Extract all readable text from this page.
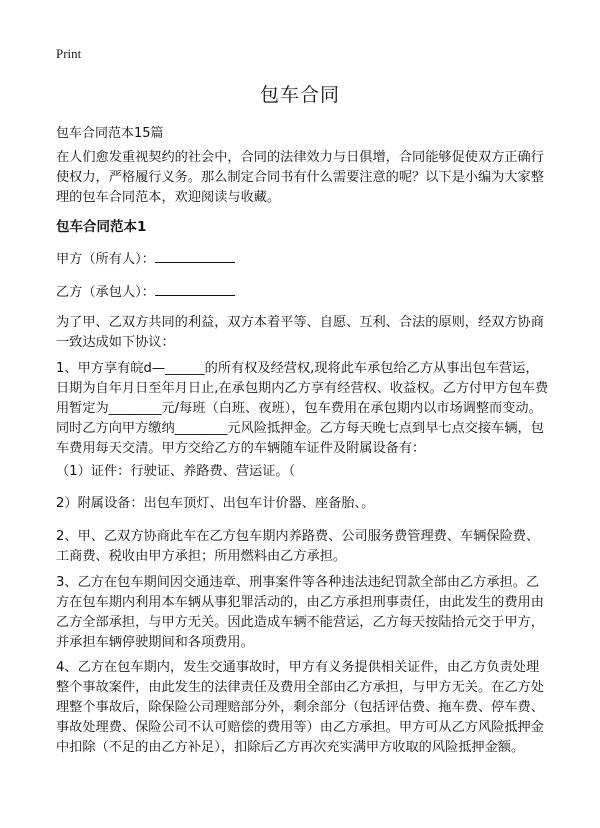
Print
包车合同
包车合同范本15篇

在人们愈发重视契约的社会中，合同的法律效力与日俱增，合同能够促使双方正确行使权力，严格履行义务。那么制定合同书有什么需要注意的呢？以下是小编为大家整理的包车合同范本，欢迎阅读与收藏。

包车合同范本1
甲方（所有人）：
乙方（承包人）：

为了甲、乙双方共同的利益，双方本着平等、自愿、互利、合法的原则，经双方协商一致达成如下协议：

1、甲方享有皖d—______的所有权及经营权,现将此车承包给乙方从事出包车营运，日期为自年月日至年月日止,在承包期内乙方享有经营权、收益权。乙方付甲方包车费用暂定为________元/每班（白班、夜班），包车费用在承包期内以市场调整而变动。同时乙方向甲方缴纳________元风险抵押金。乙方每天晚七点到早七点交接车辆，包车费用每天交清。甲方交给乙方的车辆随车证件及附属设备有：

（1）证件：行驶证、养路费、营运证。（

2）附属设备：出包车顶灯、出包车计价器、座备胎、。

2、甲、乙双方协商此车在乙方包车期内养路费、公司服务费管理费、车辆保险费、工商费、税收由甲方承担；所用燃料由乙方承担。

3、乙方在包车期间因交通违章、刑事案件等各种违法违纪罚款全部由乙方承担。乙方在包车期内利用本车辆从事犯罪活动的，由乙方承担刑事责任，由此发生的费用由乙方全部承担，与甲方无关。因此造成车辆不能营运，乙方每天按陆拾元交于甲方，并承担车辆停驶期间和各项费用。

4、乙方在包车期内，发生交通事故时，甲方有义务提供相关证件，由乙方负责处理整个事故案件，由此发生的法律责任及费用全部由乙方承担，与甲方无关。在乙方处理整个事故后，除保险公司理赔部分外，剩余部分（包括评估费、拖车费、停车费、事故处理费、保险公司不认可赔偿的费用等）由乙方承担。甲方可从乙方风险抵押金中扣除（不足的由乙方补足），扣除后乙方再次充实满甲方收取的风险抵押金额。
